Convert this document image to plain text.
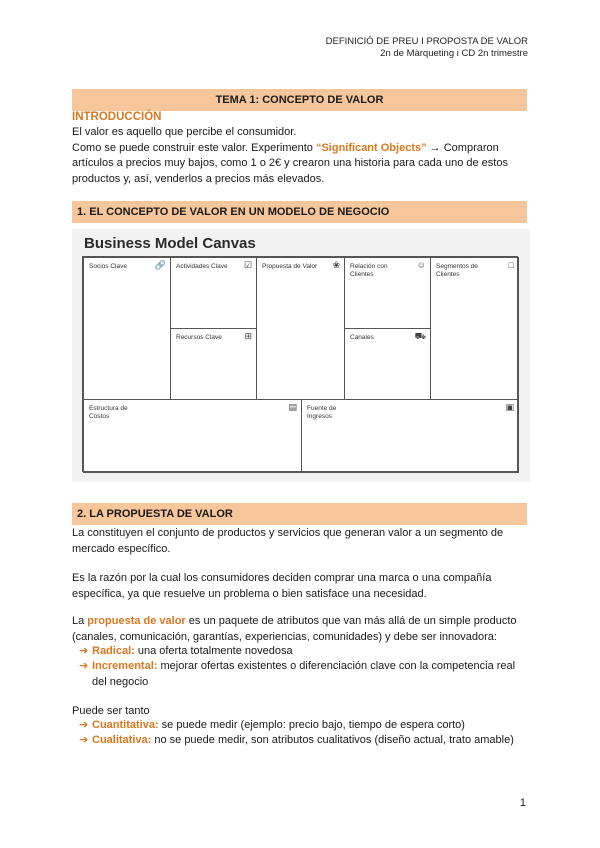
DEFINICIÓ DE PREU I PROPOSTA DE VALOR
2n de Màrqueting i CD 2n trimestre
TEMA 1: CONCEPTO DE VALOR
INTRODUCCIÓN
El valor es aquello que percibe el consumidor.
Como se puede construir este valor. Experimento “Significant Objects” → Compraron artículos a precios muy bajos, como 1 o 2€ y crearon una historia para cada uno de estos productos y, así, venderlos a precios más elevados.
1. EL CONCEPTO DE VALOR EN UN MODELO DE NEGOCIO
Business Model Canvas
Socios Clave	🔗	Actividades Clave ☑
Recursos Clave	⊞
Propuesta de Valor ❀	Relación con Clientes
☺
Canales	⛟
Segmentos de Clientes
□
Estructura de Costos
▤ Fuente de Ingresos
▣
2. LA PROPUESTA DE VALOR
La constituyen el conjunto de productos y servicios que generan valor a un segmento de mercado específico.
Es la razón por la cual los consumidores deciden comprar una marca o una compañía específica, ya que resuelve un problema o bien satisface una necesidad.
La propuesta de valor es un paquete de atributos que van más allá de un simple producto (canales, comunicación, garantías, experiencias, comunidades) y debe ser innovadora:
➔ Radical: una oferta totalmente novedosa
➔ Incremental: mejorar ofertas existentes o diferenciación clave con la competencia real del negocio
Puede ser tanto
➔ Cuantitativa: se puede medir (ejemplo: precio bajo, tiempo de espera corto)
➔ Cualitativa: no se puede medir, son atributos cualitativos (diseño actual, trato amable)
1
